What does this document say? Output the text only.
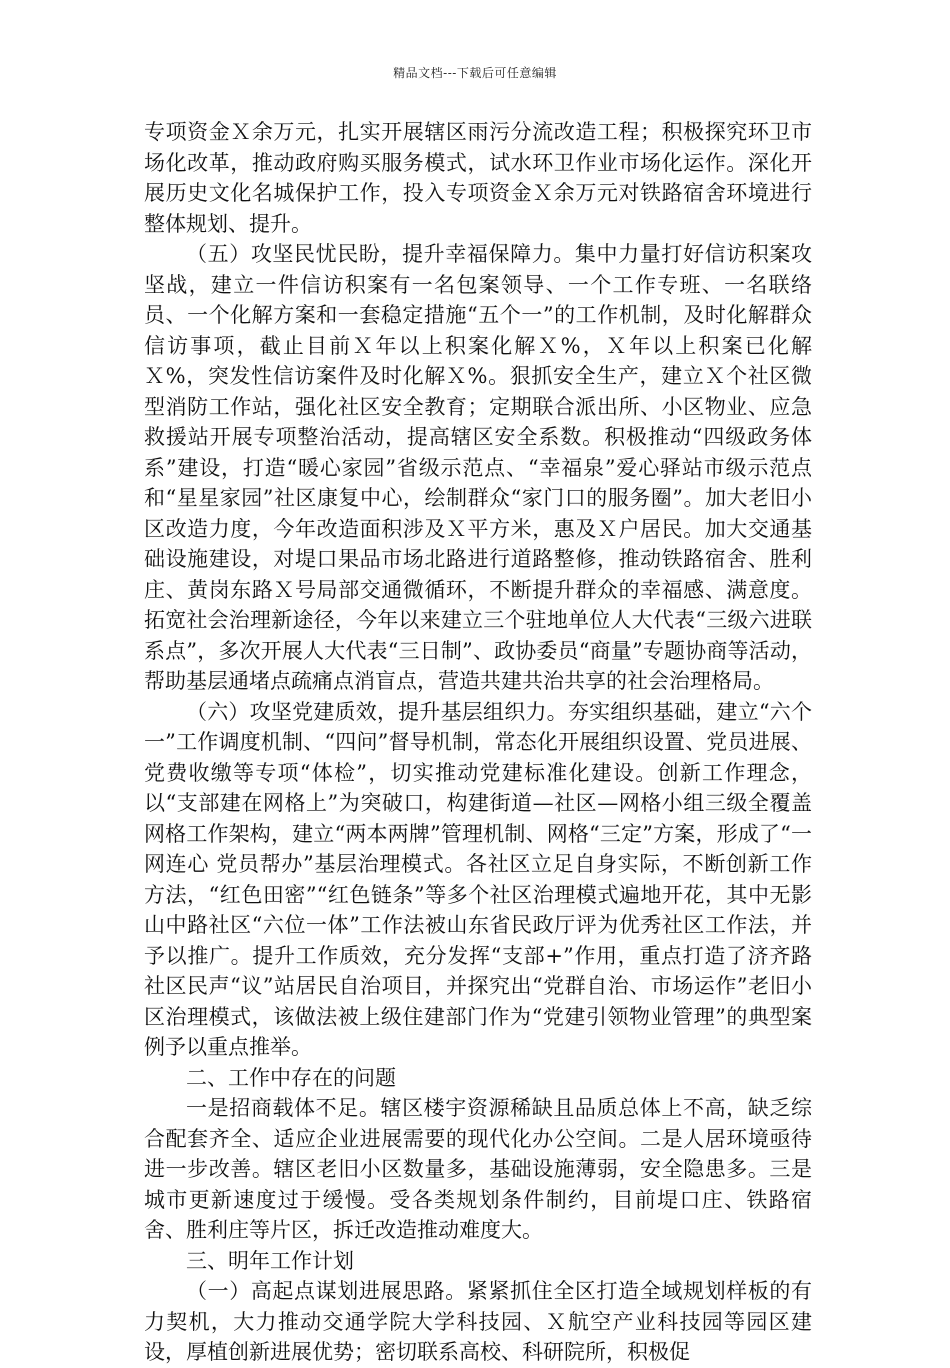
精品文档---下载后可任意编辑

专项资金Ｘ余万元，扎实开展辖区雨污分流改造工程；积极探究环卫市场化改革，推动政府购买服务模式，试水环卫作业市场化运作。深化开展历史文化名城保护工作，投入专项资金Ｘ余万元对铁路宿舍环境进行整体规划、提升。

（五）攻坚民忧民盼，提升幸福保障力。集中力量打好信访积案攻坚战，建立一件信访积案有一名包案领导、一个工作专班、一名联络员、一个化解方案和一套稳定措施“五个一”的工作机制，及时化解群众信访事项，截止目前Ｘ年以上积案化解Ｘ%，Ｘ年以上积案已化解Ｘ%，突发性信访案件及时化解Ｘ%。狠抓安全生产，建立Ｘ个社区微型消防工作站，强化社区安全教育；定期联合派出所、小区物业、应急救援站开展专项整治活动，提高辖区安全系数。积极推动“四级政务体系”建设，打造“暖心家园”省级示范点、“幸福泉”爱心驿站市级示范点和“星星家园”社区康复中心，绘制群众“家门口的服务圈”。加大老旧小区改造力度，今年改造面积涉及Ｘ平方米，惠及Ｘ户居民。加大交通基础设施建设，对堤口果品市场北路进行道路整修，推动铁路宿舍、胜利庄、黄岗东路Ｘ号局部交通微循环，不断提升群众的幸福感、满意度。拓宽社会治理新途径，今年以来建立三个驻地单位人大代表“三级六进联系点”，多次开展人大代表“三日制”、政协委员“商量”专题协商等活动，帮助基层通堵点疏痛点消盲点，营造共建共治共享的社会治理格局。

（六）攻坚党建质效，提升基层组织力。夯实组织基础，建立“六个一”工作调度机制、“四问”督导机制，常态化开展组织设置、党员进展、党费收缴等专项“体检”，切实推动党建标准化建设。创新工作理念，以“支部建在网格上”为突破口，构建街道—社区—网格小组三级全覆盖网格工作架构，建立“两本两牌”管理机制、网格“三定”方案，形成了“一网连心 党员帮办”基层治理模式。各社区立足自身实际，不断创新工作方法，“红色田密”“红色链条”等多个社区治理模式遍地开花，其中无影山中路社区“六位一体”工作法被山东省民政厅评为优秀社区工作法，并予以推广。提升工作质效，充分发挥“支部+”作用，重点打造了济齐路社区民声“议”站居民自治项目，并探究出“党群自治、市场运作”老旧小区治理模式，该做法被上级住建部门作为“党建引领物业管理”的典型案例予以重点推举。

二、工作中存在的问题

一是招商载体不足。辖区楼宇资源稀缺且品质总体上不高，缺乏综合配套齐全、适应企业进展需要的现代化办公空间。二是人居环境亟待进一步改善。辖区老旧小区数量多，基础设施薄弱，安全隐患多。三是城市更新速度过于缓慢。受各类规划条件制约，目前堤口庄、铁路宿舍、胜利庄等片区，拆迁改造推动难度大。

三、明年工作计划

（一）高起点谋划进展思路。紧紧抓住全区打造全域规划样板的有力契机，大力推动交通学院大学科技园、Ｘ航空产业科技园等园区建设，厚植创新进展优势；密切联系高校、科研院所，积极促
